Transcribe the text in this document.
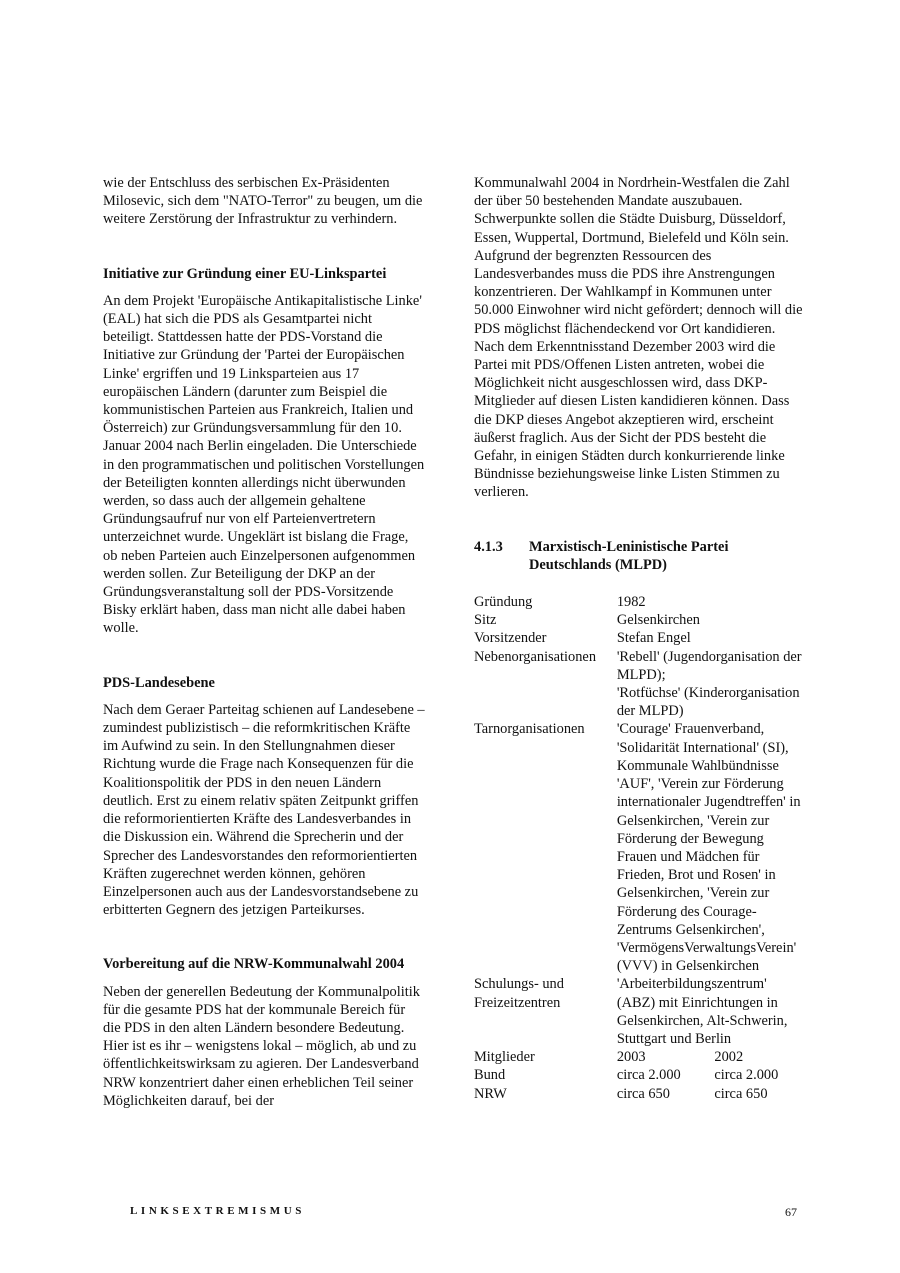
wie der Entschluss des serbischen Ex-Präsidenten Milosevic, sich dem "NATO-Terror" zu beugen, um die weitere Zerstörung der Infrastruktur zu verhindern.

Initiative zur Gründung einer EU-Linkspartei

An dem Projekt 'Europäische Antikapitalistische Linke' (EAL) hat sich die PDS als Gesamtpartei nicht beteiligt. Stattdessen hatte der PDS-Vorstand die Initiative zur Gründung der 'Partei der Europäischen Linke' ergriffen und 19 Linksparteien aus 17 europäischen Ländern (darunter zum Beispiel die kommunistischen Parteien aus Frankreich, Italien und Österreich) zur Gründungsversammlung für den 10. Januar 2004 nach Berlin eingeladen. Die Unterschiede in den programmatischen und politischen Vorstellungen der Beteiligten konnten allerdings nicht überwunden werden, so dass auch der allgemein gehaltene Gründungsaufruf nur von elf Parteienvertretern unterzeichnet wurde. Ungeklärt ist bislang die Frage, ob neben Parteien auch Einzelpersonen aufgenommen werden sollen. Zur Beteiligung der DKP an der Gründungsveranstaltung soll der PDS-Vorsitzende Bisky erklärt haben, dass man nicht alle dabei haben wolle.

PDS-Landesebene

Nach dem Geraer Parteitag schienen auf Landesebene – zumindest publizistisch – die reformkritischen Kräfte im Aufwind zu sein. In den Stellungnahmen dieser Richtung wurde die Frage nach Konsequenzen für die Koalitionspolitik der PDS in den neuen Ländern deutlich. Erst zu einem relativ späten Zeitpunkt griffen die reformorientierten Kräfte des Landesverbandes in die Diskussion ein. Während die Sprecherin und der Sprecher des Landesvorstandes den reformorientierten Kräften zugerechnet werden können, gehören Einzelpersonen auch aus der Landesvorstandsebene zu erbitterten Gegnern des jetzigen Parteikurses.

Vorbereitung auf die NRW-Kommunalwahl 2004

Neben der generellen Bedeutung der Kommunalpolitik für die gesamte PDS hat der kommunale Bereich für die PDS in den alten Ländern besondere Bedeutung. Hier ist es ihr – wenigstens lokal – möglich, ab und zu öffentlichkeitswirksam zu agieren. Der Landesverband NRW konzentriert daher einen erheblichen Teil seiner Möglichkeiten darauf, bei der

Kommunalwahl 2004 in Nordrhein-Westfalen die Zahl der über 50 bestehenden Mandate auszubauen. Schwerpunkte sollen die Städte Duisburg, Düsseldorf, Essen, Wuppertal, Dortmund, Bielefeld und Köln sein. Aufgrund der begrenzten Ressourcen des Landesverbandes muss die PDS ihre Anstrengungen konzentrieren. Der Wahlkampf in Kommunen unter 50.000 Einwohner wird nicht gefördert; dennoch will die PDS möglichst flächendeckend vor Ort kandidieren. Nach dem Erkenntnisstand Dezember 2003 wird die Partei mit PDS/Offenen Listen antreten, wobei die Möglichkeit nicht ausgeschlossen wird, dass DKP-Mitglieder auf diesen Listen kandidieren können. Dass die DKP dieses Angebot akzeptieren wird, erscheint äußerst fraglich. Aus der Sicht der PDS besteht die Gefahr, in einigen Städten durch konkurrierende linke Bündnisse beziehungsweise linke Listen Stimmen zu verlieren.

4.1.3	Marxistisch-Leninistische Partei Deutschlands (MLPD)
Gründung	1982	
Sitz	Gelsenkirchen	
Vorsitzender	Stefan Engel	
Nebenorganisationen	'Rebell' (Jugendorganisation der MLPD);
'Rotfüchse' (Kinderorganisation der MLPD)	

Tarnorganisationen	'Courage' Frauenverband, 'Solidarität International' (SI), Kommunale Wahlbündnisse 'AUF', 'Verein zur Förderung internationaler Jugendtreffen' in Gelsenkirchen, 'Verein zur Förderung der Bewegung Frauen und Mädchen für Frieden, Brot und Rosen' in Gelsenkirchen, 'Verein zur Förderung des Courage-Zentrums Gelsenkirchen', 'VermögensVerwaltungsVerein' (VVV) in Gelsenkirchen	
Schulungs- und Freizeitzentren	'Arbeiterbildungszentrum' (ABZ) mit Einrichtungen in Gelsenkirchen, Alt-Schwerin, Stuttgart und Berlin	
Mitglieder	2003	2002
Bund	circa 2.000	circa 2.000
NRW	circa 650	circa 650
LINKSEXTREMISMUS	67
